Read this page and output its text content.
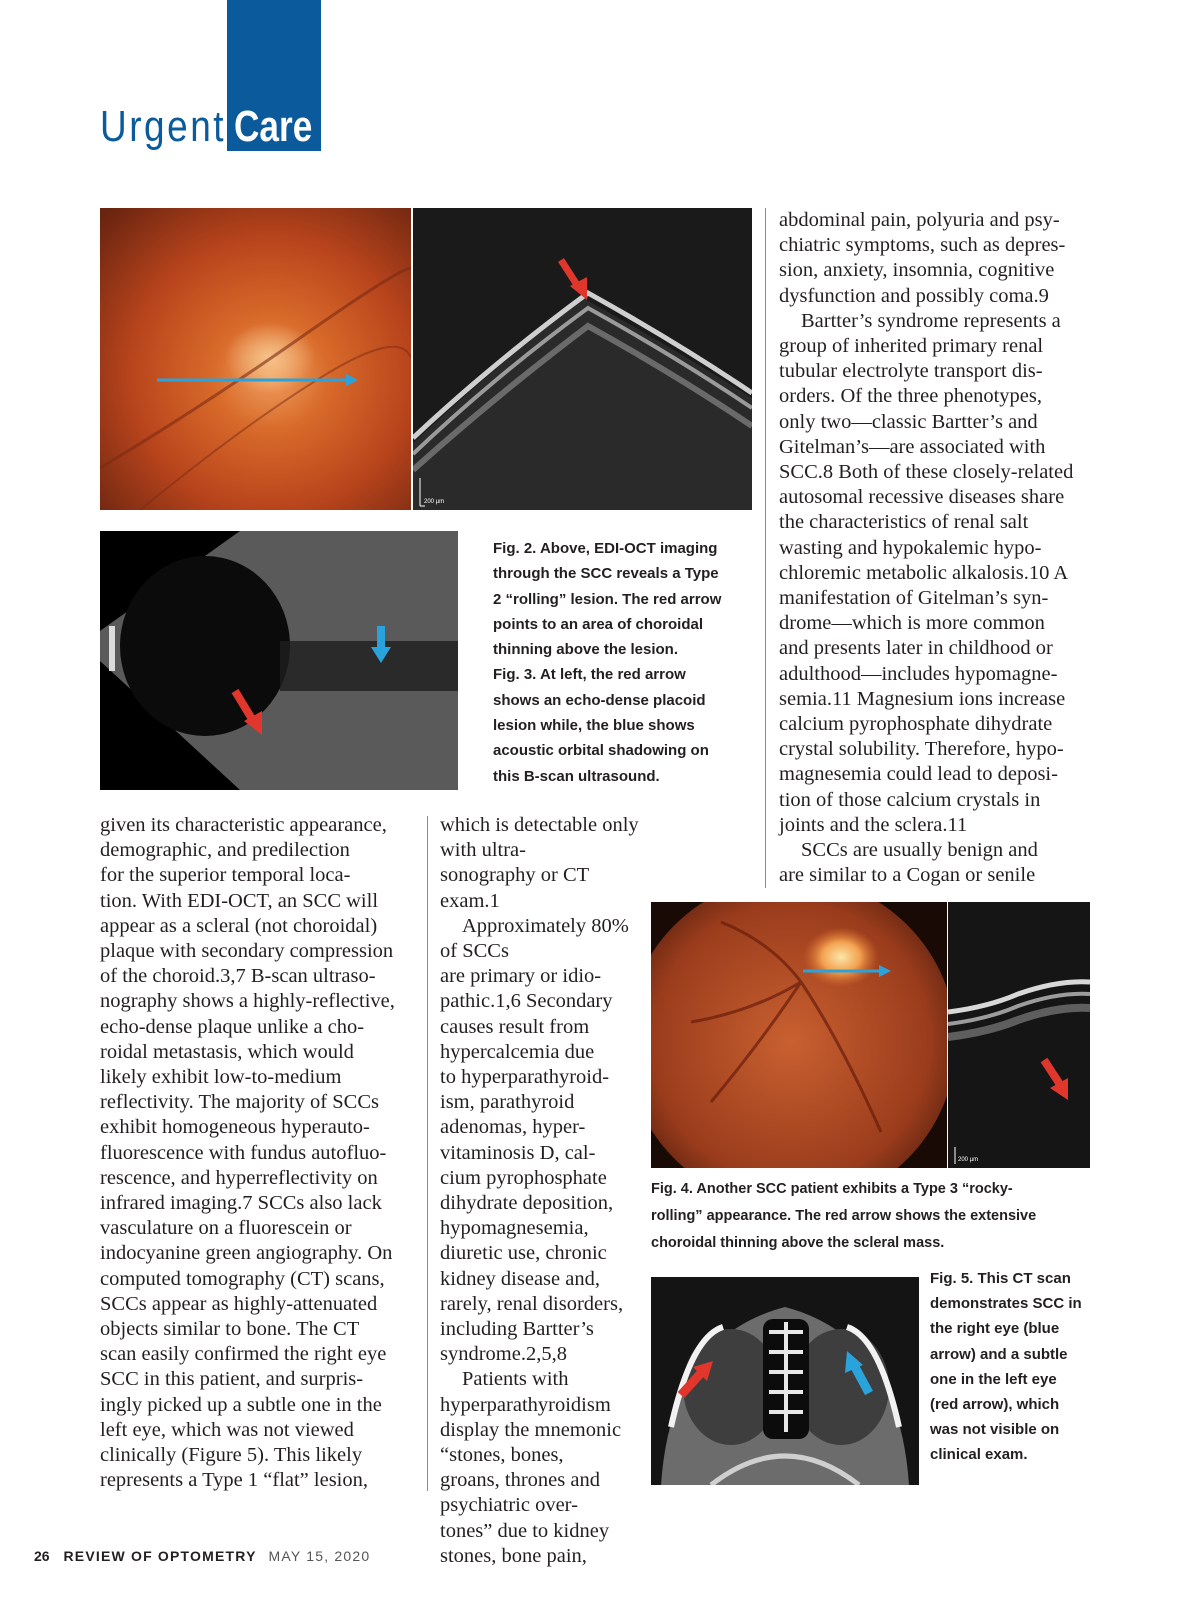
Urgent Care
200 µm

Fig. 2. Above, EDI-OCT imaging

through the SCC reveals a Type

2 “rolling” lesion. The red arrow

points to an area of choroidal

thinning above the lesion.

Fig. 3. At left, the red arrow

shows an echo-dense placoid

lesion while, the blue shows

acoustic orbital shadowing on

this B-scan ultrasound.

given its characteristic appearance,

demographic, and predilection

for the superior temporal loca-

tion. With EDI-OCT, an SCC will

appear as a scleral (not choroidal)

plaque with secondary compression

of the choroid.3,7 B-scan ultraso-

nography shows a highly-reflective,

echo-dense plaque unlike a cho-

roidal metastasis, which would

likely exhibit low-to-medium

reflectivity. The majority of SCCs

exhibit homogeneous hyperauto-

fluorescence with fundus autofluo-

rescence, and hyperreflectivity on

infrared imaging.7 SCCs also lack

vasculature on a fluorescein or

indocyanine green angiography. On

computed tomography (CT) scans,

SCCs appear as highly-attenuated

objects similar to bone. The CT

scan easily confirmed the right eye

SCC in this patient, and surpris-

ingly picked up a subtle one in the

left eye, which was not viewed

clinically (Figure 5). This likely

represents a Type 1 “flat” lesion,

which is detectable only with ultra-

sonography or CT exam.1

Approximately 80% of SCCs

are primary or idio-

pathic.1,6 Secondary

causes result from

hypercalcemia due

to hyperparathyroid-

ism, parathyroid

adenomas, hyper-

vitaminosis D, cal-

cium pyrophosphate

dihydrate deposition,

hypomagnesemia,

diuretic use, chronic

kidney disease and,

rarely, renal disorders,

including Bartter’s

syndrome.2,5,8

Patients with

hyperparathyroidism

display the mnemonic

“stones, bones,

groans, thrones and

psychiatric over-

tones” due to kidney

stones, bone pain,

abdominal pain, polyuria and psy-

chiatric symptoms, such as depres-

sion, anxiety, insomnia, cognitive

dysfunction and possibly coma.9

Bartter’s syndrome represents a

group of inherited primary renal

tubular electrolyte transport dis-

orders. Of the three phenotypes,

only two—classic Bartter’s and

Gitelman’s—are associated with

SCC.8 Both of these closely-related

autosomal recessive diseases share

the characteristics of renal salt

wasting and hypokalemic hypo-

chloremic metabolic alkalosis.10 A

manifestation of Gitelman’s syn-

drome—which is more common

and presents later in childhood or

adulthood—includes hypomagne-

semia.11 Magnesium ions increase

calcium pyrophosphate dihydrate

crystal solubility. Therefore, hypo-

magnesemia could lead to deposi-

tion of those calcium crystals in

joints and the sclera.11

SCCs are usually benign and

are similar to a Cogan or senile

200 µm

Fig. 4. Another SCC patient exhibits a Type 3 “rocky-

rolling” appearance. The red arrow shows the extensive

choroidal thinning above the scleral mass.

Fig. 5. This CT scan

demonstrates SCC in

the right eye (blue

arrow) and a subtle

one in the left eye

(red arrow), which

was not visible on

clinical exam.

26 REVIEW OF OPTOMETRY MAY 15, 2020
